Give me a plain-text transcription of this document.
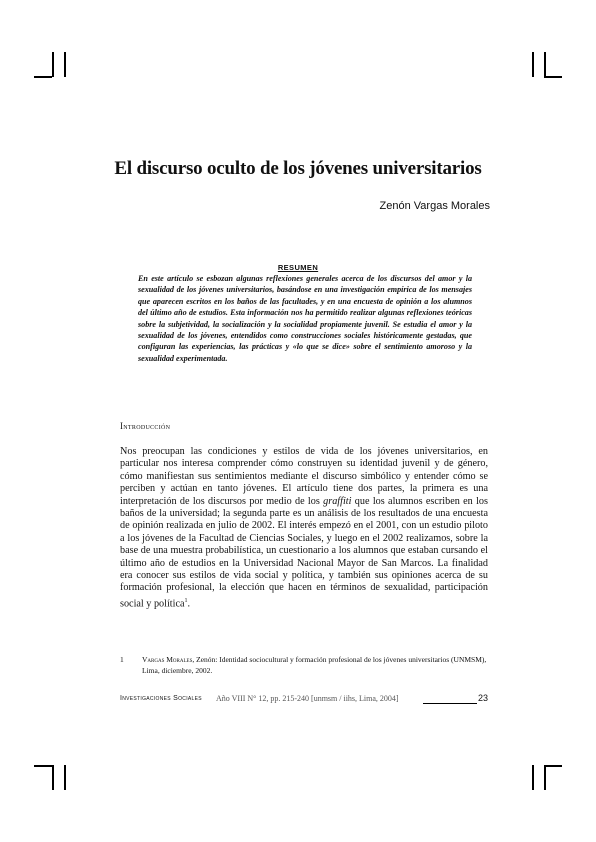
El discurso oculto de los jóvenes universitarios
Zenón Vargas Morales
RESUMEN
En este artículo se esbozan algunas reflexiones generales acerca de los discursos del amor y la sexualidad de los jóvenes universitarios, basándose en una investigación empírica de los mensajes que aparecen escritos en los baños de las facultades, y en una encuesta de opinión a los alumnos del último año de estudios. Esta información nos ha permitido realizar algunas reflexiones teóricas sobre la subjetividad, la socialización y la socialidad propiamente juvenil. Se estudia el amor y la sexualidad de los jóvenes, entendidos como construcciones sociales históricamente gestadas, que configuran las experiencias, las prácticas y «lo que se dice» sobre el sentimiento amoroso y la sexualidad experimentada.
Introducción
Nos preocupan las condiciones y estilos de vida de los jóvenes universitarios, en particular nos interesa comprender cómo construyen su identidad juvenil y de género, cómo manifiestan sus sentimientos mediante el discurso simbólico y entender cómo se perciben y actúan en tanto jóvenes. El artículo tiene dos partes, la primera es una interpretación de los discursos por medio de los graffiti que los alumnos escriben en los baños de la universidad; la segunda parte es un análisis de los resultados de una encuesta de opinión realizada en julio de 2002. El interés empezó en el 2001, con un estudio piloto a los jóvenes de la Facultad de Ciencias Sociales, y luego en el 2002 realizamos, sobre la base de una muestra probabilística, un cuestionario a los alumnos que estaban cursando el último año de estudios en la Universidad Nacional Mayor de San Marcos. La finalidad era conocer sus estilos de vida social y política, y también sus opiniones acerca de su formación profesional, la elección que hacen en términos de sexualidad, participación social y política$^1$.
1 Vargas Morales, Zenón: Identidad sociocultural y formación profesional de los jóvenes universitarios (UNMSM), Lima, diciembre, 2002.
Investigaciones Sociales Año VIII N° 12, pp. 215-240 [unmsm / iihs, Lima, 2004]	23
